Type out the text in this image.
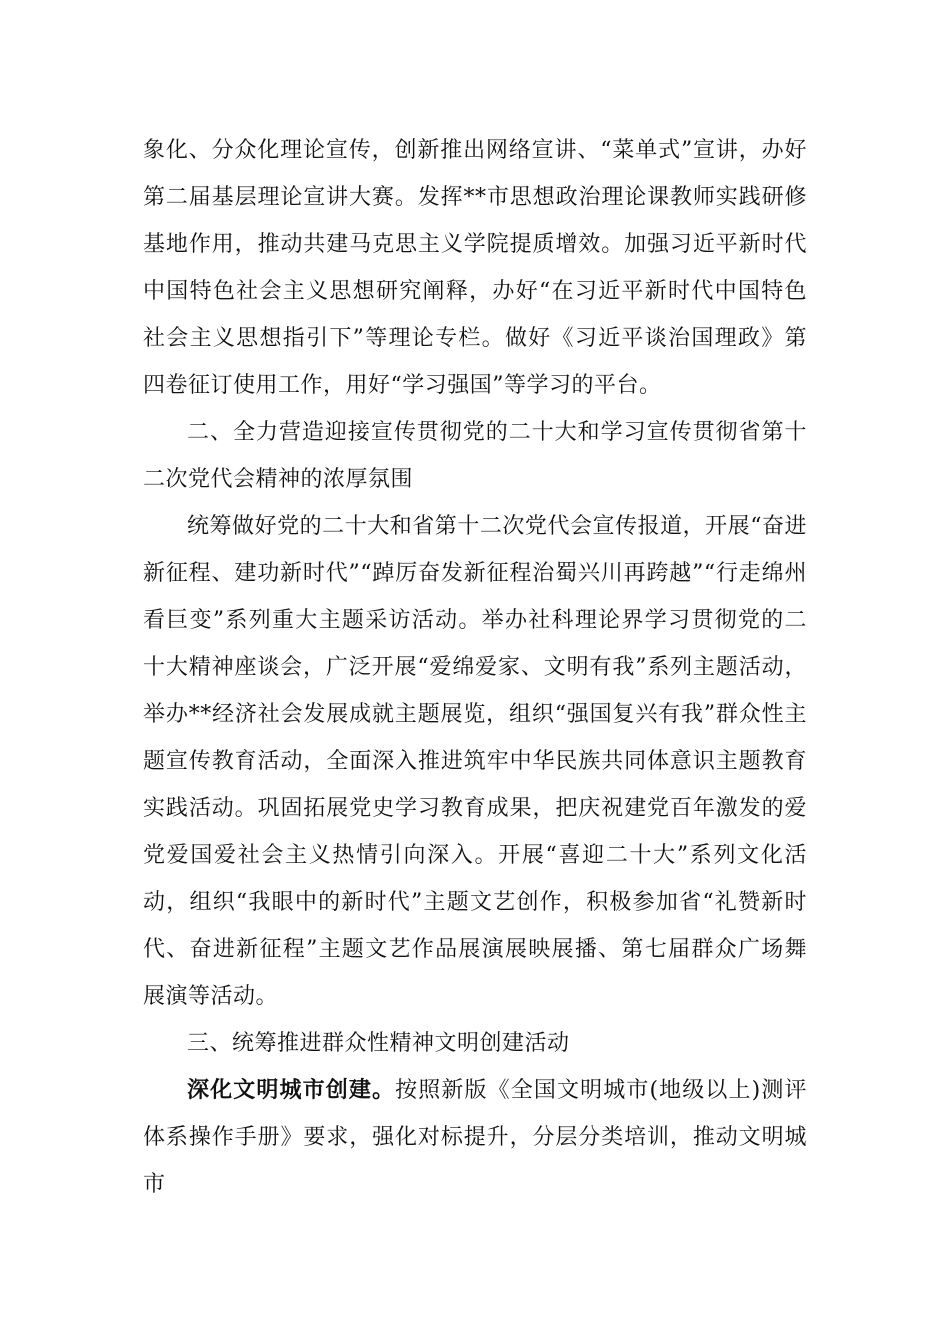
象化、分众化理论宣传，创新推出网络宣讲、“菜单式”宣讲，办好第二届基层理论宣讲大赛。发挥**市思想政治理论课教师实践研修基地作用，推动共建马克思主义学院提质增效。加强习近平新时代中国特色社会主义思想研究阐释，办好“在习近平新时代中国特色社会主义思想指引下”等理论专栏。做好《习近平谈治国理政》第四卷征订使用工作，用好“学习强国”等学习的平台。

二、全力营造迎接宣传贯彻党的二十大和学习宣传贯彻省第十二次党代会精神的浓厚氛围

统筹做好党的二十大和省第十二次党代会宣传报道，开展“奋进新征程、建功新时代”“踔厉奋发新征程治蜀兴川再跨越”“行走绵州看巨变”系列重大主题采访活动。举办社科理论界学习贯彻党的二十大精神座谈会，广泛开展“爱绵爱家、文明有我”系列主题活动，举办**经济社会发展成就主题展览，组织“强国复兴有我”群众性主题宣传教育活动，全面深入推进筑牢中华民族共同体意识主题教育实践活动。巩固拓展党史学习教育成果，把庆祝建党百年激发的爱党爱国爱社会主义热情引向深入。开展“喜迎二十大”系列文化活动，组织“我眼中的新时代”主题文艺创作，积极参加省“礼赞新时代、奋进新征程”主题文艺作品展演展映展播、第七届群众广场舞展演等活动。

三、统筹推进群众性精神文明创建活动

深化文明城市创建。按照新版《全国文明城市(地级以上)测评体系操作手册》要求，强化对标提升，分层分类培训，推动文明城市
